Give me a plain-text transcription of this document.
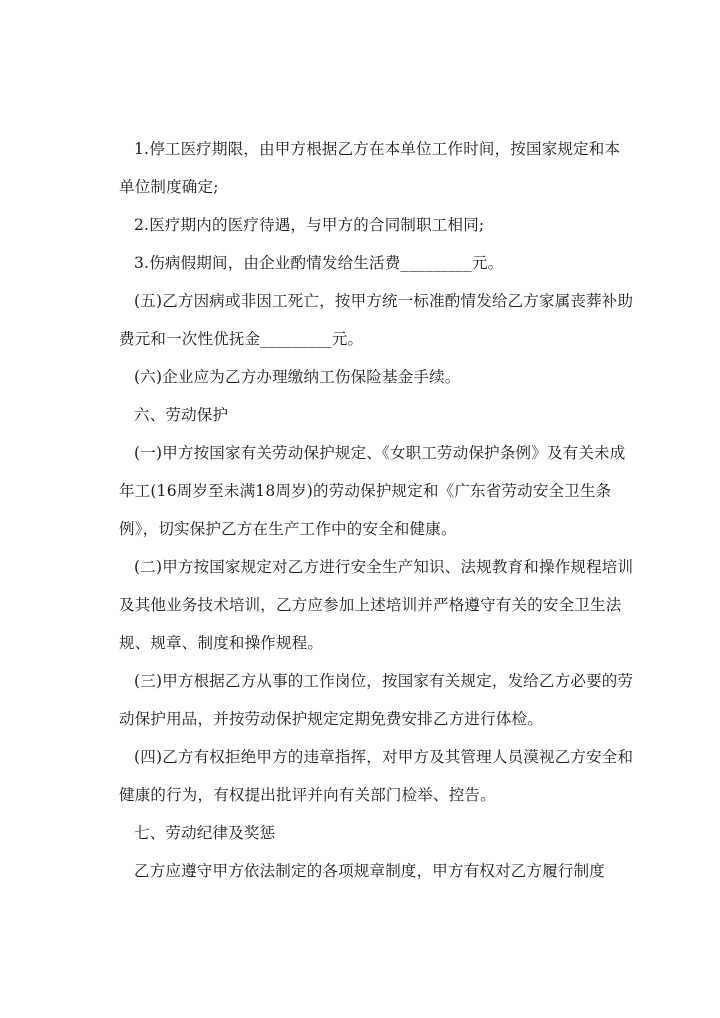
1.停工医疗期限，由甲方根据乙方在本单位工作时间，按国家规定和本单位制度确定;

2.医疗期内的医疗待遇，与甲方的合同制职工相同;

3.伤病假期间，由企业酌情发给生活费_________元。

(五)乙方因病或非因工死亡，按甲方统一标准酌情发给乙方家属丧葬补助费元和一次性优抚金_________元。

(六)企业应为乙方办理缴纳工伤保险基金手续。

六、劳动保护

(一)甲方按国家有关劳动保护规定、《女职工劳动保护条例》及有关未成年工(16周岁至未满18周岁)的劳动保护规定和《广东省劳动安全卫生条例》，切实保护乙方在生产工作中的安全和健康。

(二)甲方按国家规定对乙方进行安全生产知识、法规教育和操作规程培训及其他业务技术培训，乙方应参加上述培训并严格遵守有关的安全卫生法规、规章、制度和操作规程。

(三)甲方根据乙方从事的工作岗位，按国家有关规定，发给乙方必要的劳动保护用品，并按劳动保护规定定期免费安排乙方进行体检。

(四)乙方有权拒绝甲方的违章指挥，对甲方及其管理人员漠视乙方安全和健康的行为，有权提出批评并向有关部门检举、控告。

七、劳动纪律及奖惩

乙方应遵守甲方依法制定的各项规章制度，甲方有权对乙方履行制度
